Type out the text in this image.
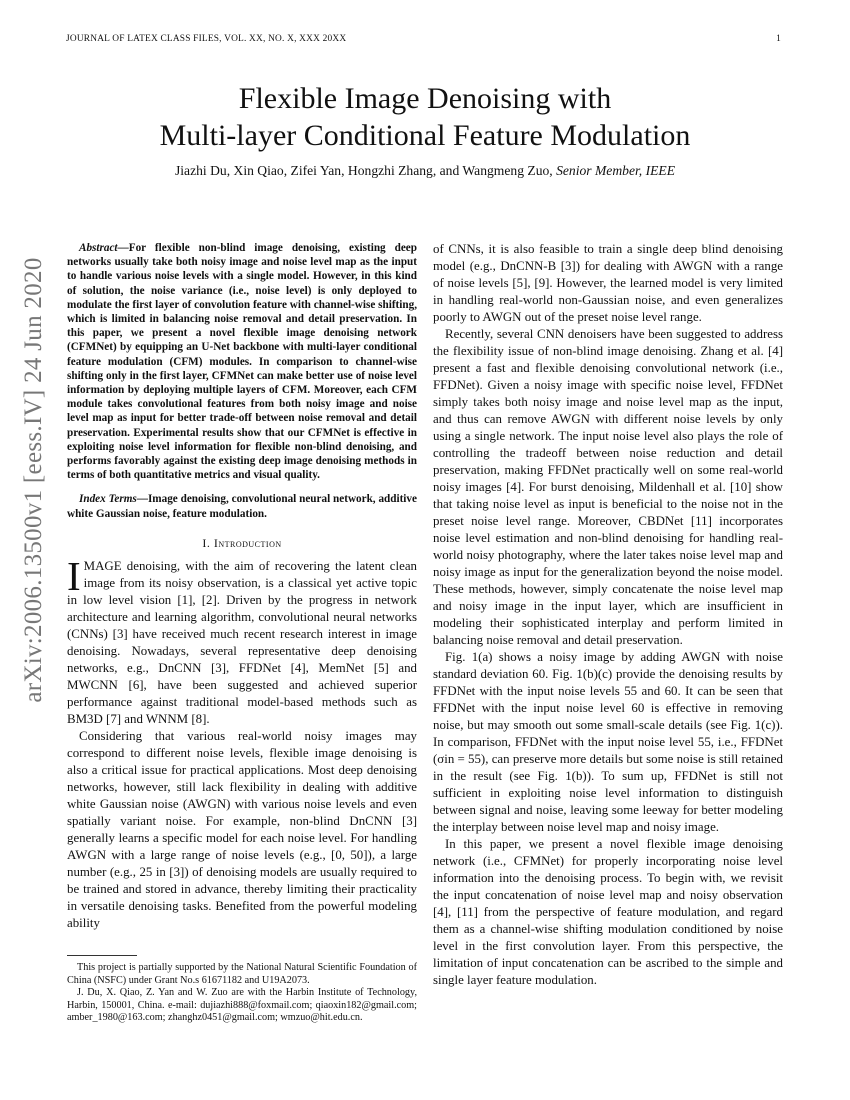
JOURNAL OF LATEX CLASS FILES, VOL. XX, NO. X, XXX 20XX	1
Flexible Image Denoising with
Multi-layer Conditional Feature Modulation
Jiazhi Du, Xin Qiao, Zifei Yan, Hongzhi Zhang, and Wangmeng Zuo, Senior Member, IEEE
arXiv:2006.13500v1 [eess.IV] 24 Jun 2020

Abstract—For flexible non-blind image denoising, existing deep networks usually take both noisy image and noise level map as the input to handle various noise levels with a single model. However, in this kind of solution, the noise variance (i.e., noise level) is only deployed to modulate the first layer of convolution feature with channel-wise shifting, which is limited in balancing noise removal and detail preservation. In this paper, we present a novel flexible image denoising network (CFMNet) by equipping an U-Net backbone with multi-layer conditional feature modulation (CFM) modules. In comparison to channel-wise shifting only in the first layer, CFMNet can make better use of noise level information by deploying multiple layers of CFM. Moreover, each CFM module takes convolutional features from both noisy image and noise level map as input for better trade-off between noise removal and detail preservation. Experimental results show that our CFMNet is effective in exploiting noise level information for flexible non-blind denoising, and performs favorably against the existing deep image denoising methods in terms of both quantitative metrics and visual quality.

Index Terms—Image denoising, convolutional neural network, additive white Gaussian noise, feature modulation.

I. Introduction

IMAGE denoising, with the aim of recovering the latent clean image from its noisy observation, is a classical yet active topic in low level vision [1], [2]. Driven by the progress in network architecture and learning algorithm, convolutional neural networks (CNNs) [3] have received much recent research interest in image denoising. Nowadays, several representative deep denoising networks, e.g., DnCNN [3], FFDNet [4], MemNet [5] and MWCNN [6], have been suggested and achieved superior performance against traditional model-based methods such as BM3D [7] and WNNM [8].

Considering that various real-world noisy images may correspond to different noise levels, flexible image denoising is also a critical issue for practical applications. Most deep denoising networks, however, still lack flexibility in dealing with additive white Gaussian noise (AWGN) with various noise levels and even spatially variant noise. For example, non-blind DnCNN [3] generally learns a specific model for each noise level. For handling AWGN with a large range of noise levels (e.g., [0, 50]), a large number (e.g., 25 in [3]) of denoising models are usually required to be trained and stored in advance, thereby limiting their practicality in versatile denoising tasks. Benefited from the powerful modeling ability

This project is partially supported by the National Natural Scientific Foundation of China (NSFC) under Grant No.s 61671182 and U19A2073.

J. Du, X. Qiao, Z. Yan and W. Zuo are with the Harbin Institute of Technology, Harbin, 150001, China. e-mail: dujiazhi888@foxmail.com; qiaoxin182@gmail.com; amber_1980@163.com; zhanghz0451@gmail.com; wmzuo@hit.edu.cn.

of CNNs, it is also feasible to train a single deep blind denoising model (e.g., DnCNN-B [3]) for dealing with AWGN with a range of noise levels [5], [9]. However, the learned model is very limited in handling real-world non-Gaussian noise, and even generalizes poorly to AWGN out of the preset noise level range.

Recently, several CNN denoisers have been suggested to address the flexibility issue of non-blind image denoising. Zhang et al. [4] present a fast and flexible denoising convolutional network (i.e., FFDNet). Given a noisy image with specific noise level, FFDNet simply takes both noisy image and noise level map as the input, and thus can remove AWGN with different noise levels by only using a single network. The input noise level also plays the role of controlling the tradeoff between noise reduction and detail preservation, making FFDNet practically well on some real-world noisy images [4]. For burst denoising, Mildenhall et al. [10] show that taking noise level as input is beneficial to the noise not in the preset noise level range. Moreover, CBDNet [11] incorporates noise level estimation and non-blind denoising for handling real-world noisy photography, where the later takes noise level map and noisy image as input for the generalization beyond the noise model. These methods, however, simply concatenate the noise level map and noisy image in the input layer, which are insufficient in modeling their sophisticated interplay and perform limited in balancing noise removal and detail preservation.

Fig. 1(a) shows a noisy image by adding AWGN with noise standard deviation 60. Fig. 1(b)(c) provide the denoising results by FFDNet with the input noise levels 55 and 60. It can be seen that FFDNet with the input noise level 60 is effective in removing noise, but may smooth out some small-scale details (see Fig. 1(c)). In comparison, FFDNet with the input noise level 55, i.e., FFDNet (σin = 55), can preserve more details but some noise is still retained in the result (see Fig. 1(b)). To sum up, FFDNet is still not sufficient in exploiting noise level information to distinguish between signal and noise, leaving some leeway for better modeling the interplay between noise level map and noisy image.

In this paper, we present a novel flexible image denoising network (i.e., CFMNet) for properly incorporating noise level information into the denoising process. To begin with, we revisit the input concatenation of noise level map and noisy observation [4], [11] from the perspective of feature modulation, and regard them as a channel-wise shifting modulation conditioned by noise level in the first convolution layer. From this perspective, the limitation of input concatenation can be ascribed to the simple and single layer feature modulation.
